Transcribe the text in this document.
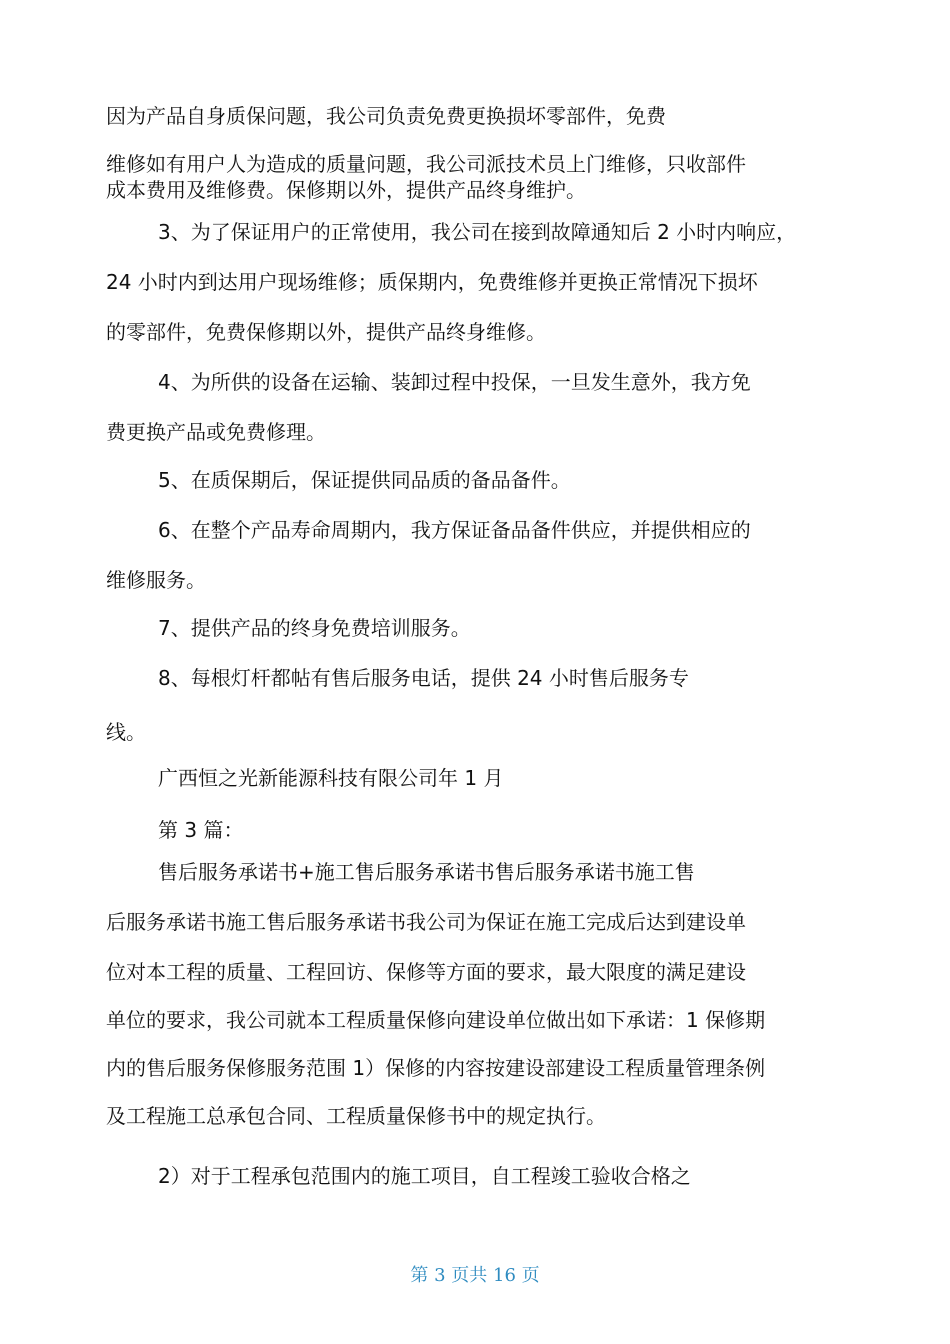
因为产品自身质保问题，我公司负责免费更换损坏零部件，免费

维修如有用户人为造成的质量问题，我公司派技术员上门维修，只收部件

成本费用及维修费。保修期以外，提供产品终身维护。

3、为了保证用户的正常使用，我公司在接到故障通知后 2 小时内响应，

24 小时内到达用户现场维修；质保期内，免费维修并更换正常情况下损坏

的零部件，免费保修期以外，提供产品终身维修。

4、为所供的设备在运输、装卸过程中投保，一旦发生意外，我方免

费更换产品或免费修理。

5、在质保期后，保证提供同品质的备品备件。

6、在整个产品寿命周期内，我方保证备品备件供应，并提供相应的

维修服务。

7、提供产品的终身免费培训服务。

8、每根灯杆都帖有售后服务电话，提供 24 小时售后服务专

线。

广西恒之光新能源科技有限公司年 1 月

第 3 篇：

售后服务承诺书+施工售后服务承诺书售后服务承诺书施工售

后服务承诺书施工售后服务承诺书我公司为保证在施工完成后达到建设单

位对本工程的质量、工程回访、保修等方面的要求，最大限度的满足建设

单位的要求，我公司就本工程质量保修向建设单位做出如下承诺：1 保修期

内的售后服务保修服务范围 1）保修的内容按建设部建设工程质量管理条例

及工程施工总承包合同、工程质量保修书中的规定执行。

2）对于工程承包范围内的施工项目，自工程竣工验收合格之

第 3 页共 16 页
